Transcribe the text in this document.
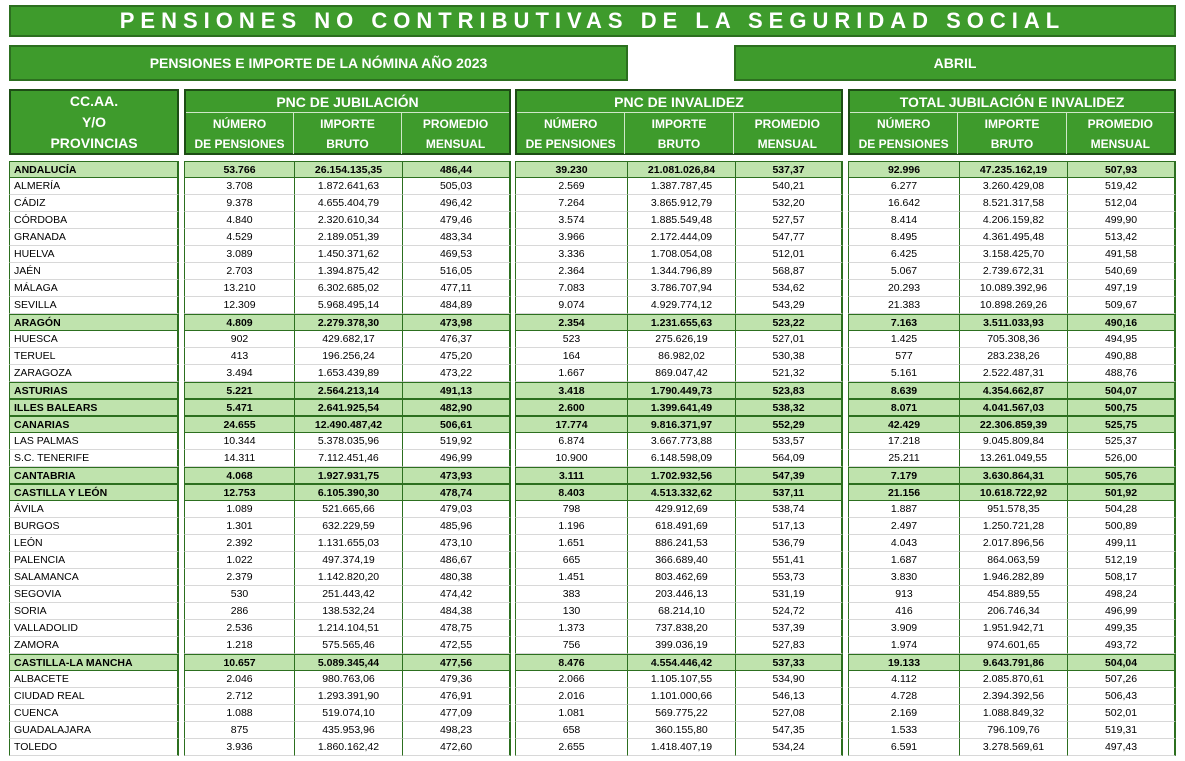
PENSIONES NO CONTRIBUTIVAS DE LA SEGURIDAD SOCIAL
PENSIONES E IMPORTE DE LA NÓMINA AÑO 2023	ABRIL
CC.AA.
Y/O
PROVINCIAS
PNC DE JUBILACIÓN
NÚMERO
DE PENSIONES
IMPORTE
BRUTO
PROMEDIO
MENSUAL
PNC DE INVALIDEZ
NÚMERO
DE PENSIONES
IMPORTE
BRUTO
PROMEDIO
MENSUAL
TOTAL JUBILACIÓN E INVALIDEZ
NÚMERO
DE PENSIONES
IMPORTE
BRUTO
PROMEDIO
MENSUAL
ANDALUCÍA	53.766	26.154.135,35	486,44	39.230	21.081.026,84	537,37	92.996	47.235.162,19	507,93
ALMERÍA	3.708	1.872.641,63	505,03	2.569	1.387.787,45	540,21	6.277	3.260.429,08	519,42
CÁDIZ	9.378	4.655.404,79	496,42	7.264	3.865.912,79	532,20	16.642	8.521.317,58	512,04
CÓRDOBA	4.840	2.320.610,34	479,46	3.574	1.885.549,48	527,57	8.414	4.206.159,82	499,90
GRANADA	4.529	2.189.051,39	483,34	3.966	2.172.444,09	547,77	8.495	4.361.495,48	513,42
HUELVA	3.089	1.450.371,62	469,53	3.336	1.708.054,08	512,01	6.425	3.158.425,70	491,58
JAÉN	2.703	1.394.875,42	516,05	2.364	1.344.796,89	568,87	5.067	2.739.672,31	540,69
MÁLAGA	13.210	6.302.685,02	477,11	7.083	3.786.707,94	534,62	20.293	10.089.392,96	497,19
SEVILLA	12.309	5.968.495,14	484,89	9.074	4.929.774,12	543,29	21.383	10.898.269,26	509,67
ARAGÓN	4.809	2.279.378,30	473,98	2.354	1.231.655,63	523,22	7.163	3.511.033,93	490,16
HUESCA	902	429.682,17	476,37	523	275.626,19	527,01	1.425	705.308,36	494,95
TERUEL	413	196.256,24	475,20	164	86.982,02	530,38	577	283.238,26	490,88
ZARAGOZA	3.494	1.653.439,89	473,22	1.667	869.047,42	521,32	5.161	2.522.487,31	488,76
ASTURIAS	5.221	2.564.213,14	491,13	3.418	1.790.449,73	523,83	8.639	4.354.662,87	504,07
ILLES BALEARS	5.471	2.641.925,54	482,90	2.600	1.399.641,49	538,32	8.071	4.041.567,03	500,75
CANARIAS	24.655	12.490.487,42	506,61	17.774	9.816.371,97	552,29	42.429	22.306.859,39	525,75
LAS PALMAS	10.344	5.378.035,96	519,92	6.874	3.667.773,88	533,57	17.218	9.045.809,84	525,37
S.C. TENERIFE	14.311	7.112.451,46	496,99	10.900	6.148.598,09	564,09	25.211	13.261.049,55	526,00
CANTABRIA	4.068	1.927.931,75	473,93	3.111	1.702.932,56	547,39	7.179	3.630.864,31	505,76
CASTILLA Y LEÓN	12.753	6.105.390,30	478,74	8.403	4.513.332,62	537,11	21.156	10.618.722,92	501,92
ÁVILA	1.089	521.665,66	479,03	798	429.912,69	538,74	1.887	951.578,35	504,28
BURGOS	1.301	632.229,59	485,96	1.196	618.491,69	517,13	2.497	1.250.721,28	500,89
LEÓN	2.392	1.131.655,03	473,10	1.651	886.241,53	536,79	4.043	2.017.896,56	499,11
PALENCIA	1.022	497.374,19	486,67	665	366.689,40	551,41	1.687	864.063,59	512,19
SALAMANCA	2.379	1.142.820,20	480,38	1.451	803.462,69	553,73	3.830	1.946.282,89	508,17
SEGOVIA	530	251.443,42	474,42	383	203.446,13	531,19	913	454.889,55	498,24
SORIA	286	138.532,24	484,38	130	68.214,10	524,72	416	206.746,34	496,99
VALLADOLID	2.536	1.214.104,51	478,75	1.373	737.838,20	537,39	3.909	1.951.942,71	499,35
ZAMORA	1.218	575.565,46	472,55	756	399.036,19	527,83	1.974	974.601,65	493,72
CASTILLA-LA MANCHA	10.657	5.089.345,44	477,56	8.476	4.554.446,42	537,33	19.133	9.643.791,86	504,04
ALBACETE	2.046	980.763,06	479,36	2.066	1.105.107,55	534,90	4.112	2.085.870,61	507,26
CIUDAD REAL	2.712	1.293.391,90	476,91	2.016	1.101.000,66	546,13	4.728	2.394.392,56	506,43
CUENCA	1.088	519.074,10	477,09	1.081	569.775,22	527,08	2.169	1.088.849,32	502,01
GUADALAJARA	875	435.953,96	498,23	658	360.155,80	547,35	1.533	796.109,76	519,31
TOLEDO	3.936	1.860.162,42	472,60	2.655	1.418.407,19	534,24	6.591	3.278.569,61	497,43
